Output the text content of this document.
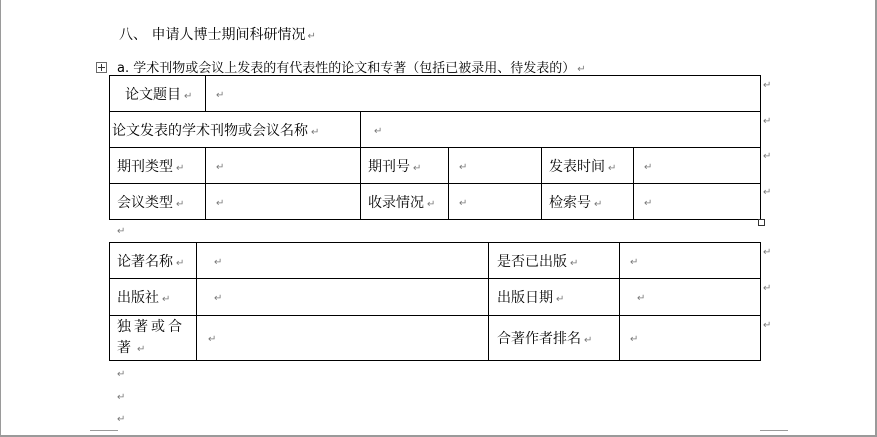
八、 申请人博士期间科研情况 ↵
a. 学术刊物或会议上发表的有代表性的论文和专著（包括已被录用、待发表的） ↵
论文题目 ↵	↵				
论文发表的学术刊物或会议名称 ↵		↵			
期刊类型 ↵	↵	期刊号 ↵	↵	发表时间 ↵	↵
会议类型 ↵	↵	收录情况 ↵	↵	检索号 ↵	↵
↵
↵
↵
↵
↵
论著名称 ↵	↵	是否已出版 ↵	↵
出版社 ↵	↵	出版日期 ↵	↵
独著或合著 ↵	↵	合著作者排名 ↵	↵
↵
↵
↵
↵
↵
↵
